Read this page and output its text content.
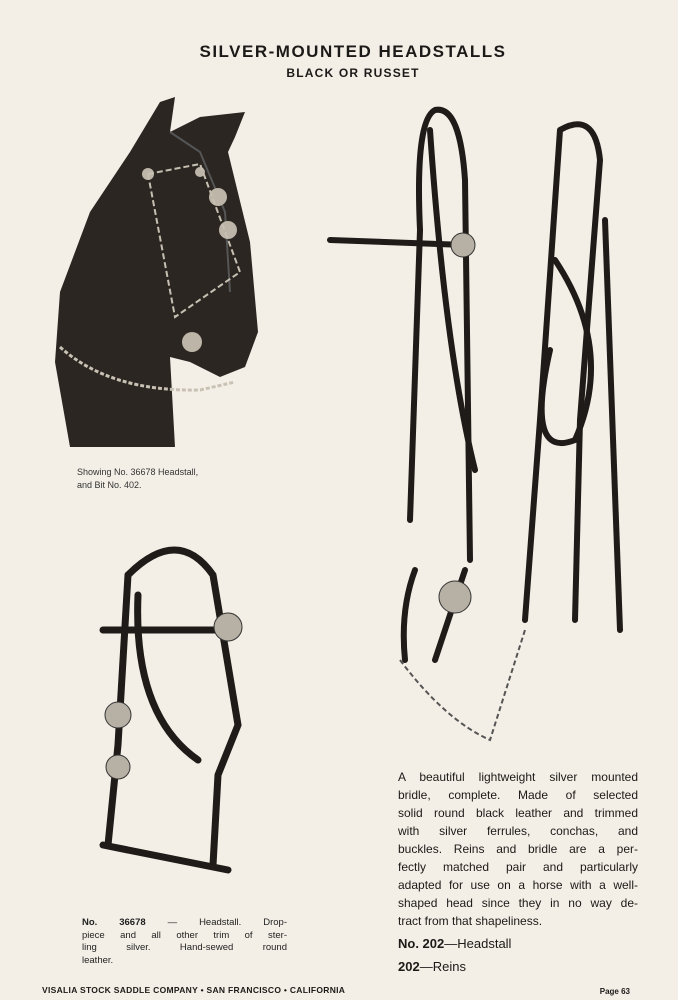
SILVER-MOUNTED HEADSTALLS
BLACK OR RUSSET
Showing No. 36678 Headstall,
and Bit No. 402.
No. 36678 — Headstall. Drop-
piece and all other trim of ster-
ling silver. Hand-sewed round
leather.
A beautiful lightweight silver mounted
bridle, complete. Made of selected
solid round black leather and trimmed
with silver ferrules, conchas, and
buckles. Reins and bridle are a per-
fectly matched pair and particularly
adapted for use on a horse with a well-
shaped head since they in no way de-
tract from that shapeliness.
No. 202—Headstall
202—Reins
VISALIA STOCK SADDLE COMPANY • SAN FRANCISCO • CALIFORNIA	Page 63
